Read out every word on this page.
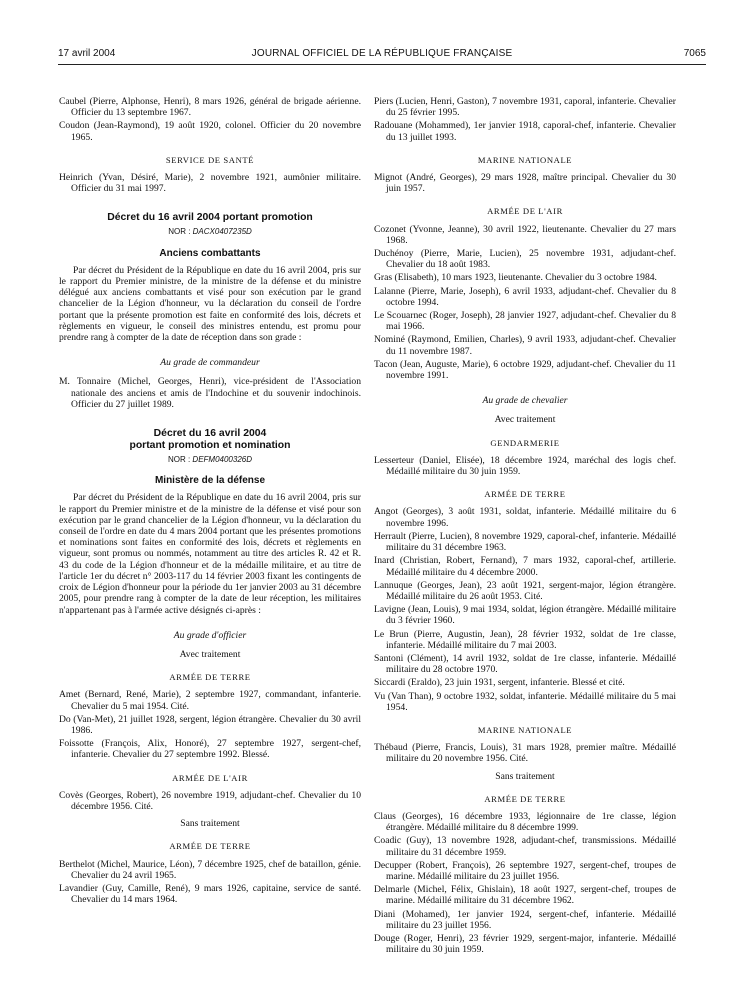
17 avril 2004	JOURNAL OFFICIEL DE LA RÉPUBLIQUE FRANÇAISE	7065

Caubel (Pierre, Alphonse, Henri), 8 mars 1926, général de brigade aérienne. Officier du 13 septembre 1967.

Coudon (Jean-Raymond), 19 août 1920, colonel. Officier du 20 novembre 1965.

SERVICE DE SANTÉ

Heinrich (Yvan, Désiré, Marie), 2 novembre 1921, aumônier militaire. Officier du 31 mai 1997.

Décret du 16 avril 2004 portant promotion
NOR : DACX0407235D
Anciens combattants

Par décret du Président de la République en date du 16 avril 2004, pris sur le rapport du Premier ministre, de la ministre de la défense et du ministre délégué aux anciens combattants et visé pour son exécution par le grand chancelier de la Légion d'honneur, vu la déclaration du conseil de l'ordre portant que la présente promotion est faite en conformité des lois, décrets et règlements en vigueur, le conseil des ministres entendu, est promu pour prendre rang à compter de la date de réception dans son grade :

Au grade de commandeur

M. Tonnaire (Michel, Georges, Henri), vice-président de l'Association nationale des anciens et amis de l'Indochine et du souvenir indochinois. Officier du 27 juillet 1989.

Décret du 16 avril 2004
portant promotion et nomination
NOR : DEFM0400326D
Ministère de la défense

Par décret du Président de la République en date du 16 avril 2004, pris sur le rapport du Premier ministre et de la ministre de la défense et visé pour son exécution par le grand chancelier de la Légion d'honneur, vu la déclaration du conseil de l'ordre en date du 4 mars 2004 portant que les présentes promotions et nominations sont faites en conformité des lois, décrets et règlements en vigueur, sont promus ou nommés, notamment au titre des articles R. 42 et R. 43 du code de la Légion d'honneur et de la médaille militaire, et au titre de l'article 1er du décret n° 2003-117 du 14 février 2003 fixant les contingents de croix de Légion d'honneur pour la période du 1er janvier 2003 au 31 décembre 2005, pour prendre rang à compter de la date de leur réception, les militaires n'appartenant pas à l'armée active désignés ci-après :

Au grade d'officier
Avec traitement
ARMÉE DE TERRE

Amet (Bernard, René, Marie), 2 septembre 1927, commandant, infanterie. Chevalier du 5 mai 1954. Cité.

Do (Van-Met), 21 juillet 1928, sergent, légion étrangère. Chevalier du 30 avril 1986.

Foissotte (François, Alix, Honoré), 27 septembre 1927, sergent-chef, infanterie. Chevalier du 27 septembre 1992. Blessé.

ARMÉE DE L'AIR

Covès (Georges, Robert), 26 novembre 1919, adjudant-chef. Chevalier du 10 décembre 1956. Cité.

Sans traitement
ARMÉE DE TERRE

Berthelot (Michel, Maurice, Léon), 7 décembre 1925, chef de bataillon, génie. Chevalier du 24 avril 1965.

Lavandier (Guy, Camille, René), 9 mars 1926, capitaine, service de santé. Chevalier du 14 mars 1964.

Piers (Lucien, Henri, Gaston), 7 novembre 1931, caporal, infanterie. Chevalier du 25 février 1995.

Radouane (Mohammed), 1er janvier 1918, caporal-chef, infanterie. Chevalier du 13 juillet 1993.

MARINE NATIONALE

Mignot (André, Georges), 29 mars 1928, maître principal. Chevalier du 30 juin 1957.

ARMÉE DE L'AIR

Cozonet (Yvonne, Jeanne), 30 avril 1922, lieutenante. Chevalier du 27 mars 1968.

Duchénoy (Pierre, Marie, Lucien), 25 novembre 1931, adjudant-chef. Chevalier du 18 août 1983.

Gras (Elisabeth), 10 mars 1923, lieutenante. Chevalier du 3 octobre 1984.

Lalanne (Pierre, Marie, Joseph), 6 avril 1933, adjudant-chef. Chevalier du 8 octobre 1994.

Le Scouarnec (Roger, Joseph), 28 janvier 1927, adjudant-chef. Chevalier du 8 mai 1966.

Nominé (Raymond, Emilien, Charles), 9 avril 1933, adjudant-chef. Chevalier du 11 novembre 1987.

Tacon (Jean, Auguste, Marie), 6 octobre 1929, adjudant-chef. Chevalier du 11 novembre 1991.

Au grade de chevalier
Avec traitement
GENDARMERIE

Lesserteur (Daniel, Elisée), 18 décembre 1924, maréchal des logis chef. Médaillé militaire du 30 juin 1959.

ARMÉE DE TERRE

Angot (Georges), 3 août 1931, soldat, infanterie. Médaillé militaire du 6 novembre 1996.

Herrault (Pierre, Lucien), 8 novembre 1929, caporal-chef, infanterie. Médaillé militaire du 31 décembre 1963.

Inard (Christian, Robert, Fernand), 7 mars 1932, caporal-chef, artillerie. Médaillé militaire du 4 décembre 2000.

Lannuque (Georges, Jean), 23 août 1921, sergent-major, légion étrangère. Médaillé militaire du 26 août 1953. Cité.

Lavigne (Jean, Louis), 9 mai 1934, soldat, légion étrangère. Médaillé militaire du 3 février 1960.

Le Brun (Pierre, Augustin, Jean), 28 février 1932, soldat de 1re classe, infanterie. Médaillé militaire du 7 mai 2003.

Santoni (Clément), 14 avril 1932, soldat de 1re classe, infanterie. Médaillé militaire du 28 octobre 1970.

Siccardi (Eraldo), 23 juin 1931, sergent, infanterie. Blessé et cité.

Vu (Van Than), 9 octobre 1932, soldat, infanterie. Médaillé militaire du 5 mai 1954.

MARINE NATIONALE

Thébaud (Pierre, Francis, Louis), 31 mars 1928, premier maître. Médaillé militaire du 20 novembre 1956. Cité.

Sans traitement
ARMÉE DE TERRE

Claus (Georges), 16 décembre 1933, légionnaire de 1re classe, légion étrangère. Médaillé militaire du 8 décembre 1999.

Coadic (Guy), 13 novembre 1928, adjudant-chef, transmissions. Médaillé militaire du 31 décembre 1959.

Decupper (Robert, François), 26 septembre 1927, sergent-chef, troupes de marine. Médaillé militaire du 23 juillet 1956.

Delmarle (Michel, Félix, Ghislain), 18 août 1927, sergent-chef, troupes de marine. Médaillé militaire du 31 décembre 1962.

Diani (Mohamed), 1er janvier 1924, sergent-chef, infanterie. Médaillé militaire du 23 juillet 1956.

Douge (Roger, Henri), 23 février 1929, sergent-major, infanterie. Médaillé militaire du 30 juin 1959.
